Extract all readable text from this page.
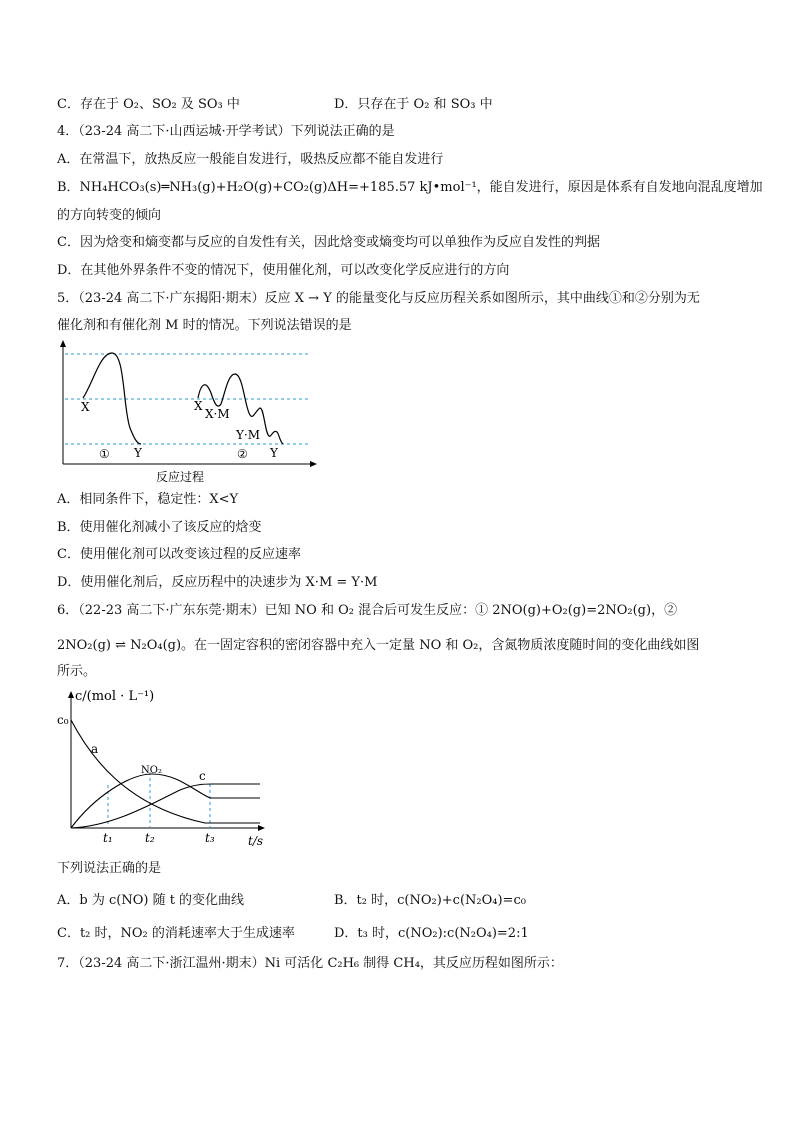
C．存在于 O₂、SO₂ 及 SO₃ 中	D．只存在于 O₂ 和 SO₃ 中
4．（23-24 高二下·山西运城·开学考试）下列说法正确的是
A．在常温下，放热反应一般能自发进行，吸热反应都不能自发进行
B．NH₄HCO₃(s)═NH₃(g)+H₂O(g)+CO₂(g)ΔH=+185.57 kJ•mol⁻¹，能自发进行，原因是体系有自发地向混乱度增加
的方向转变的倾向
C．因为焓变和熵变都与反应的自发性有关，因此焓变或熵变均可以单独作为反应自发性的判据
D．在其他外界条件不变的情况下，使用催化剂，可以改变化学反应进行的方向
5．（23-24 高二下·广东揭阳·期末）反应 X → Y 的能量变化与反应历程关系如图所示，其中曲线①和②分别为无
催化剂和有催化剂 M 时的情况。下列说法错误的是
X
Y
X
X·M
Y·M
Y
①	②
反应过程
A．相同条件下，稳定性：X<Y
B．使用催化剂减小了该反应的焓变
C．使用催化剂可以改变该过程的反应速率
D．使用催化剂后，反应历程中的决速步为 X·M = Y·M
6．（22-23 高二下·广东东莞·期末）已知 NO 和 O₂ 混合后可发生反应：① 2NO(g)+O₂(g)=2NO₂(g)，②
2NO₂(g) ⇌ N₂O₄(g)。在一固定容积的密闭容器中充入一定量 NO 和 O₂，含氮物质浓度随时间的变化曲线如图
所示。
c/(mol · L⁻¹)
c₀
a
NO₂	c
t₁	t₂	t₃	t/s
下列说法正确的是
A．b 为 c(NO) 随 t 的变化曲线	B．t₂ 时，c(NO₂)+c(N₂O₄)=c₀
C．t₂ 时，NO₂ 的消耗速率大于生成速率	D．t₃ 时，c(NO₂):c(N₂O₄)=2:1
7．（23-24 高二下·浙江温州·期末）Ni 可活化 C₂H₆ 制得 CH₄，其反应历程如图所示：
